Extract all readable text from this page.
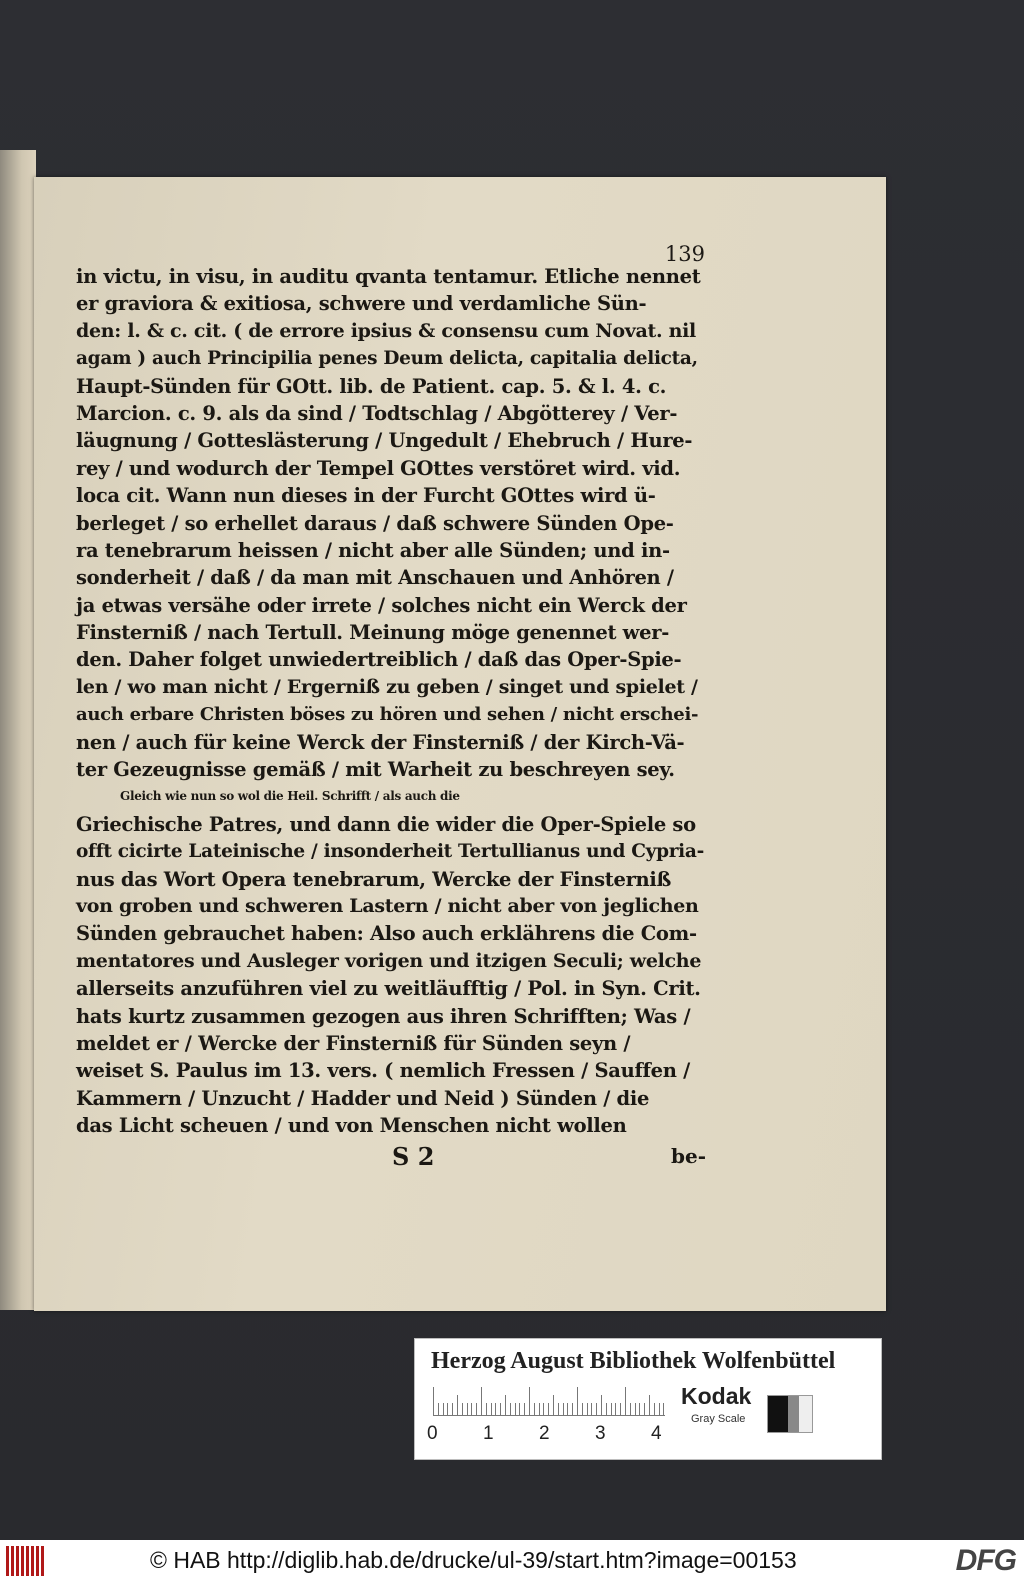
139
in victu, in visu, in auditu qvanta tentamur. Etliche nennet
er graviora & exitiosa, schwere und verdamliche Sün-
den: l. & c. cit. ( de errore ipsius & consensu cum Novat. nil
agam ) auch Principilia penes Deum delicta, capitalia delicta,
Haupt-Sünden für GOtt. lib. de Patient. cap. 5. & l. 4. c.
Marcion. c. 9. als da sind / Todtschlag / Abgötterey / Ver-
läugnung / Gotteslästerung / Ungedult / Ehebruch / Hure-
rey / und wodurch der Tempel GOttes verstöret wird. vid.
loca cit. Wann nun dieses in der Furcht GOttes wird ü-
berleget / so erhellet daraus / daß schwere Sünden Ope-
ra tenebrarum heissen / nicht aber alle Sünden; und in-
sonderheit / daß / da man mit Anschauen und Anhören /
ja etwas versähe oder irrete / solches nicht ein Werck der
Finsterniß / nach Tertull. Meinung möge genennet wer-
den. Daher folget unwiedertreiblich / daß das Oper-Spie-
len / wo man nicht / Ergerniß zu geben / singet und spielet /
auch erbare Christen böses zu hören und sehen / nicht erschei-
nen / auch für keine Werck der Finsterniß / der Kirch-Vä-
ter Gezeugnisse gemäß / mit Warheit zu beschreyen sey.
Gleich wie nun so wol die Heil. Schrifft / als auch die
Griechische Patres, und dann die wider die Oper-Spiele so
offt cicirte Lateinische / insonderheit Tertullianus und Cypria-
nus das Wort Opera tenebrarum, Wercke der Finsterniß
von groben und schweren Lastern / nicht aber von jeglichen
Sünden gebrauchet haben: Also auch erklährens die Com-
mentatores und Ausleger vorigen und itzigen Seculi; welche
allerseits anzuführen viel zu weitläufftig / Pol. in Syn. Crit.
hats kurtz zusammen gezogen aus ihren Schrifften; Was /
meldet er / Wercke der Finsterniß für Sünden seyn /
weiset S. Paulus im 13. vers. ( nemlich Fressen / Sauffen /
Kammern / Unzucht / Hadder und Neid ) Sünden / die
das Licht scheuen / und von Menschen nicht wollen
S 2	be-
Herzog August Bibliothek Wolfenbüttel
0 1 2 3 4
Kodak
Gray Scale
© HAB http://diglib.hab.de/drucke/ul-39/start.htm?image=00153	DFG
